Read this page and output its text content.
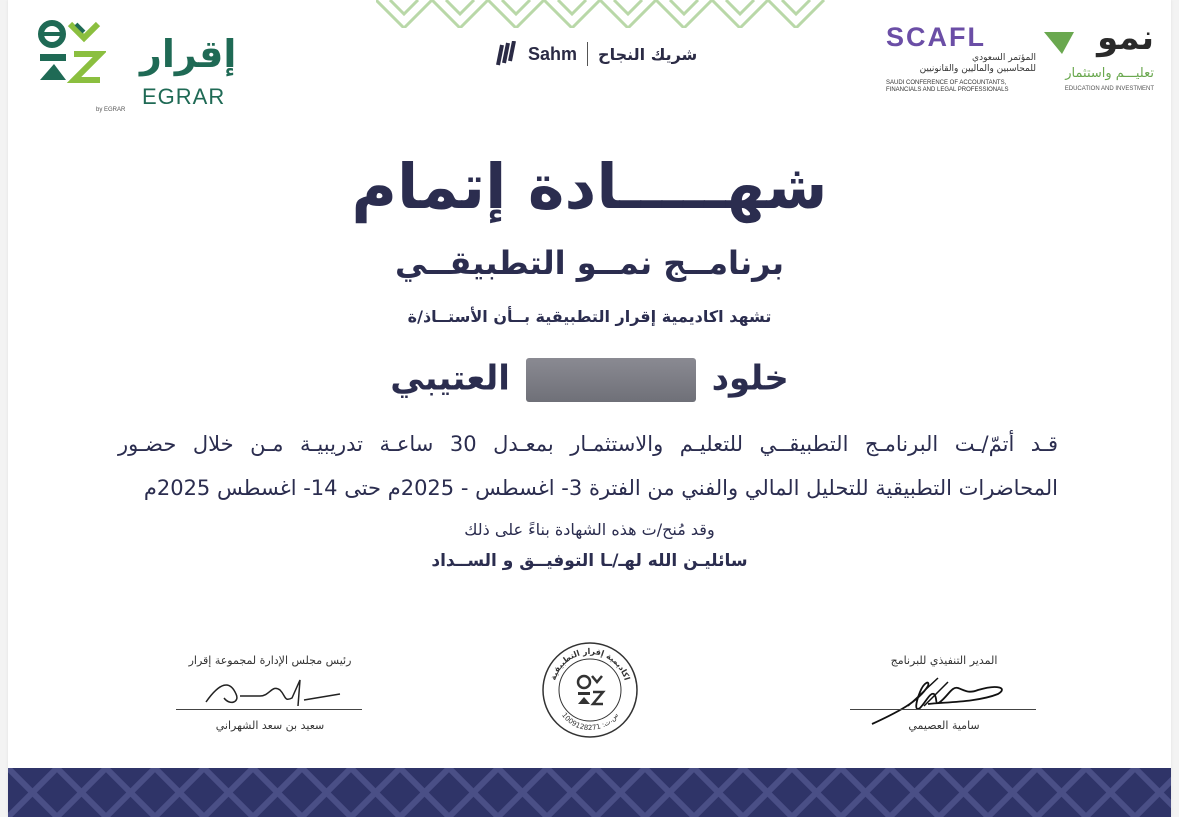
إقرار
EGRAR
by EGRAR
Sahm شريك النجاح
SCAFL
المؤتمر السعودي
للمحاسبين والماليين والقانونيين
SAUDI CONFERENCE OF ACCOUNTANTS,
FINANCIALS AND LEGAL PROFESSIONALS
نمو
تعليـــم واستثمار
EDUCATION AND INVESTMENT
شهـــــادة إتمام
برنامــج نمــو التطبيقــي
تشهد اكاديمية إقرار التطبيقية بــأن الأستــاذ/ة
خلود  العتيبي
قـد أتمّ/ـت البرنامـج التطبيقــي للتعليـم والاستثمـار بمعـدل 30 ساعـة تدريبيـة مـن خلال حضـور
المحاضرات التطبيقية للتحليل المالي والفني من الفترة 3- اغسطس - 2025م حتى 14- اغسطس 2025م
وقد مُنح/ت هذه الشهادة بناءً على ذلك
سائليـن الله لهـ/ـا التوفيــق و الســداد
رئيس مجلس الإدارة لمجموعة إقرار
سعيد بن سعد الشهراني
اكاديمية إقرار التطبيقية
س.ت: 1009128271
المدير التنفيذي للبرنامج
سامية العصيمي
